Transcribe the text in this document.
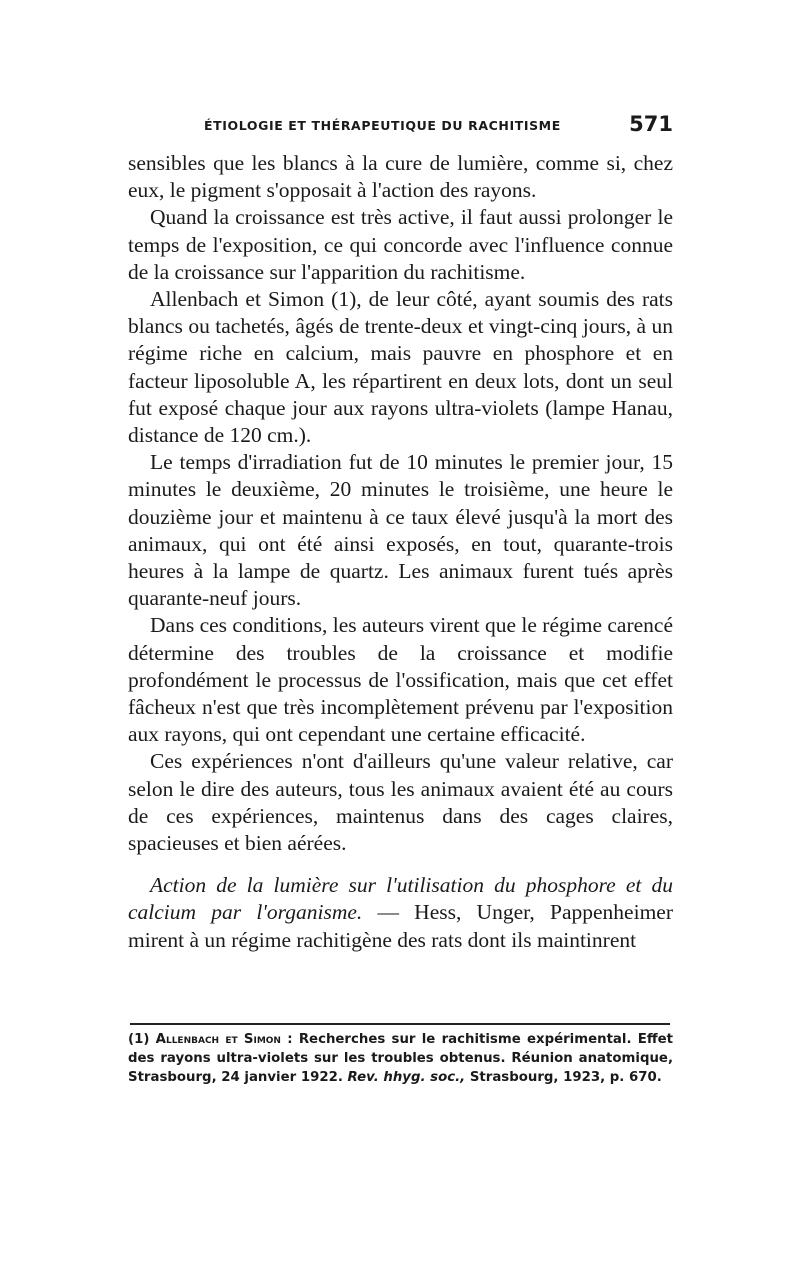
ÉTIOLOGIE ET THÉRAPEUTIQUE DU RACHITISME	571

sensibles que les blancs à la cure de lumière, comme si, chez eux, le pigment s'opposait à l'action des rayons.

Quand la croissance est très active, il faut aussi prolonger le temps de l'exposition, ce qui concorde avec l'influence connue de la croissance sur l'apparition du rachitisme.

Allenbach et Simon (1), de leur côté, ayant soumis des rats blancs ou tachetés, âgés de trente-deux et vingt-cinq jours, à un régime riche en calcium, mais pauvre en phosphore et en facteur liposoluble A, les répartirent en deux lots, dont un seul fut exposé chaque jour aux rayons ultra-violets (lampe Hanau, distance de 120 cm.).

Le temps d'irradiation fut de 10 minutes le premier jour, 15 minutes le deuxième, 20 minutes le troisième, une heure le douzième jour et maintenu à ce taux élevé jusqu'à la mort des animaux, qui ont été ainsi exposés, en tout, quarante-trois heures à la lampe de quartz. Les animaux furent tués après quarante-neuf jours.

Dans ces conditions, les auteurs virent que le régime carencé détermine des troubles de la croissance et modifie profondément le processus de l'ossification, mais que cet effet fâcheux n'est que très incomplètement prévenu par l'exposition aux rayons, qui ont cependant une certaine efficacité.

Ces expériences n'ont d'ailleurs qu'une valeur relative, car selon le dire des auteurs, tous les animaux avaient été au cours de ces expériences, maintenus dans des cages claires, spacieuses et bien aérées.

Action de la lumière sur l'utilisation du phosphore et du calcium par l'organisme. — Hess, Unger, Pappenheimer mirent à un régime rachitigène des rats dont ils maintinrent

(1) Allenbach et Simon : Recherches sur le rachitisme expérimental. Effet des rayons ultra-violets sur les troubles obtenus. Réunion anatomique, Strasbourg, 24 janvier 1922. Rev. hhyg. soc., Strasbourg, 1923, p. 670.
